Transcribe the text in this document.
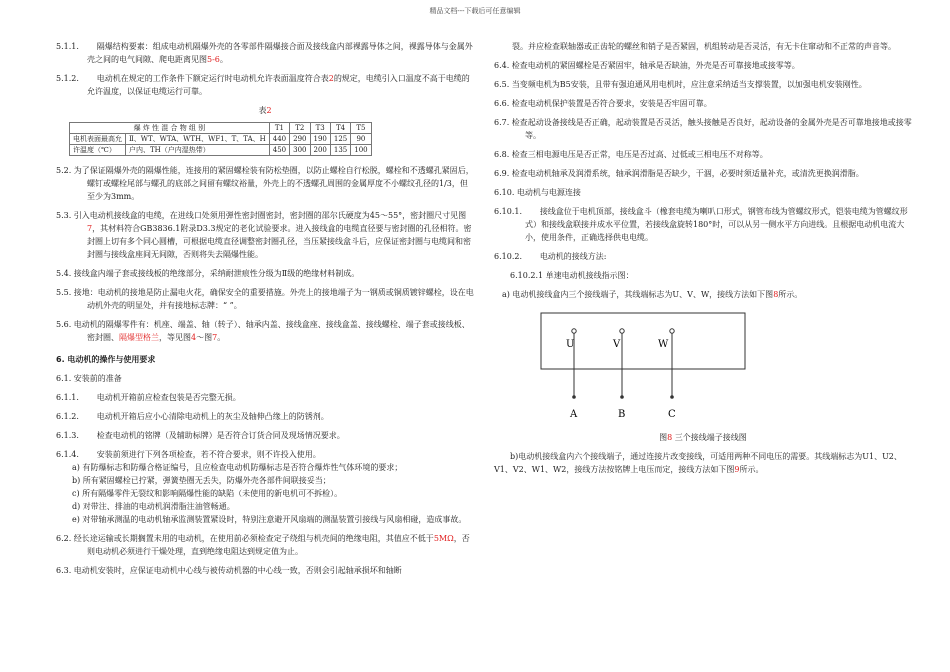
精品文档---下载后可任意编辑

5.1.1. 隔爆结构要素：组成电动机隔爆外壳的各零部件隔爆接合面及接线盒内部裸露导体之间，裸露导体与金属外壳之间的电气间隙、爬电距离见图5-6。

5.1.2. 电动机在规定的工作条件下额定运行时电动机允许表面温度符合表2的规定，电缆引入口温度不高于电缆的允许温度，以保证电缆运行可靠。

表2
爆 炸 性 混 合 物 组 别		T1	T2	T3	T4	T5
电机表面最高允	Ⅱ、WT、WTA、WTH、WF1、T、TA、H	440	290	190	125	90
许温度（℃）	户内、TH（户内湿热带）	450	300	200	135	100

5.2. 为了保证隔爆外壳的隔爆性能，连接用的紧固螺栓装有防松垫圈，以防止螺栓自行松脱，螺栓和不透螺孔紧固后，螺钉或螺栓尾部与螺孔的底部之间留有螺纹裕量，外壳上的不透螺孔周围的金属厚度不小螺纹孔径的1/3，但至少为3mm。

5.3. 引入电动机接线盒的电缆，在进线口处须用弹性密封圈密封，密封圈的邵尔氏硬度为45～55°，密封圈尺寸见图7，其材料符合GB3836.1附录D3.3规定的老化试验要求。进入接线盒的电缆直径要与密封圈的孔径相符。密封圈上切有多个同心圆槽，可根据电缆直径调整密封圈孔径，当压紧接线盒斗后，应保证密封圈与电缆间和密封圈与接线盒座间无间隙，否则将失去隔爆性能。

5.4. 接线盒内端子套或接线板的绝缘部分，采纳耐泄痕性分级为Ⅱ级的绝缘材料制成。

5.5. 接地：电动机的接地是防止漏电火花，确保安全的重要措施。外壳上的接地端子为一钢质或铜质镀锌螺栓，设在电动机外壳的明显处，并有接地标志牌：“ ”。

5.6. 电动机的隔爆零件有：机座、端盖、轴（转子）、轴承内盖、接线盒座、接线盒盖、接线螺栓、端子套或接线板、密封圈、隔爆型格兰，等见图4～图7。

6. 电动机的操作与使用要求

6.1. 安装前的准备

6.1.1. 电动机开箱前应检查包装是否完整无损。

6.1.2. 电动机开箱后应小心清除电动机上的灰尘及轴伸凸缘上的防锈剂。

6.1.3. 检查电动机的铭牌（及辅助标牌）是否符合订货合同及现场情况要求。

6.1.4. 安装前须进行下列各项检查，若不符合要求，则不许投入使用。

a) 有防爆标志和防爆合格证编号，且应检查电动机防爆标志是否符合爆炸性气体环境的要求；

b) 所有紧固螺栓已拧紧，弹簧垫圈无丢失，防爆外壳各部件间联接妥当；

c) 所有隔爆零件无裂纹和影响隔爆性能的缺陷（未使用的新电机可不拆检）。

d) 对带注、排油的电动机润滑脂注油管畅通。

e) 对带轴承测温的电动机轴承监测装置紧设时，特别注意避开风扇端的测温装置引接线与风扇相碰，造成事故。

6.2. 经长途运输或长期搁置未用的电动机，在使用前必须检查定子绕组与机壳间的绝缘电阻，其值应不低于5MΩ，否则电动机必须进行干燥处理，直到绝缘电阻达到规定值为止。

6.3. 电动机安装时，应保证电动机中心线与被传动机器的中心线一致，否则会引起轴承损坏和轴断

裂。并应检查联轴器或正齿轮的螺丝和销子是否紧固，机组转动是否灵活，有无卡住窜动和不正常的声音等。

6.4. 检查电动机的紧固螺栓是否紧固牢，轴承是否缺油，外壳是否可靠接地或接零等。

6.5. 当变频电机为B5安装，且带有强迫通风用电机时，应注意采纳适当支撑装置，以加强电机安装刚性。

6.6. 检查电动机保护装置是否符合要求，安装是否牢固可靠。

6.7. 检查起动设备接线是否正确，起动装置是否灵活，触头接触是否良好，起动设备的金属外壳是否可靠地接地或接零等。

6.8. 检查三相电源电压是否正常，电压是否过高、过低或三相电压不对称等。

6.9. 检查电动机轴承及润滑系统，轴承润滑脂是否缺少，干涸，必要时须适量补充，或清洗更换润滑脂。

6.10. 电动机与电源连接

6.10.1. 接线盒位于电机顶部，接线盒斗（橡套电缆为喇叭口形式，钢管布线为管螺纹形式，铠装电缆为管螺纹形式）和接线盒联接并成水平位置，若接线盒旋转180°时，可以从另一侧水平方向进线。且根据电动机电流大小，使用条件，正确选择供电电缆。

6.10.2. 电动机的接线方法:

6.10.2.1 单速电动机接线指示图：

a) 电动机接线盒内三个接线端子，其线端标志为U、V、W，接线方法如下图8所示。

U	V	W
A	B	C
图8 三个接线端子接线图

b)电动机接线盒内六个接线端子，通过连接片改变接线，可适用两种不同电压的需要。其线端标志为U1、U2、V1、V2、W1、W2，接线方法按铭牌上电压而定，接线方法如下图9所示。
